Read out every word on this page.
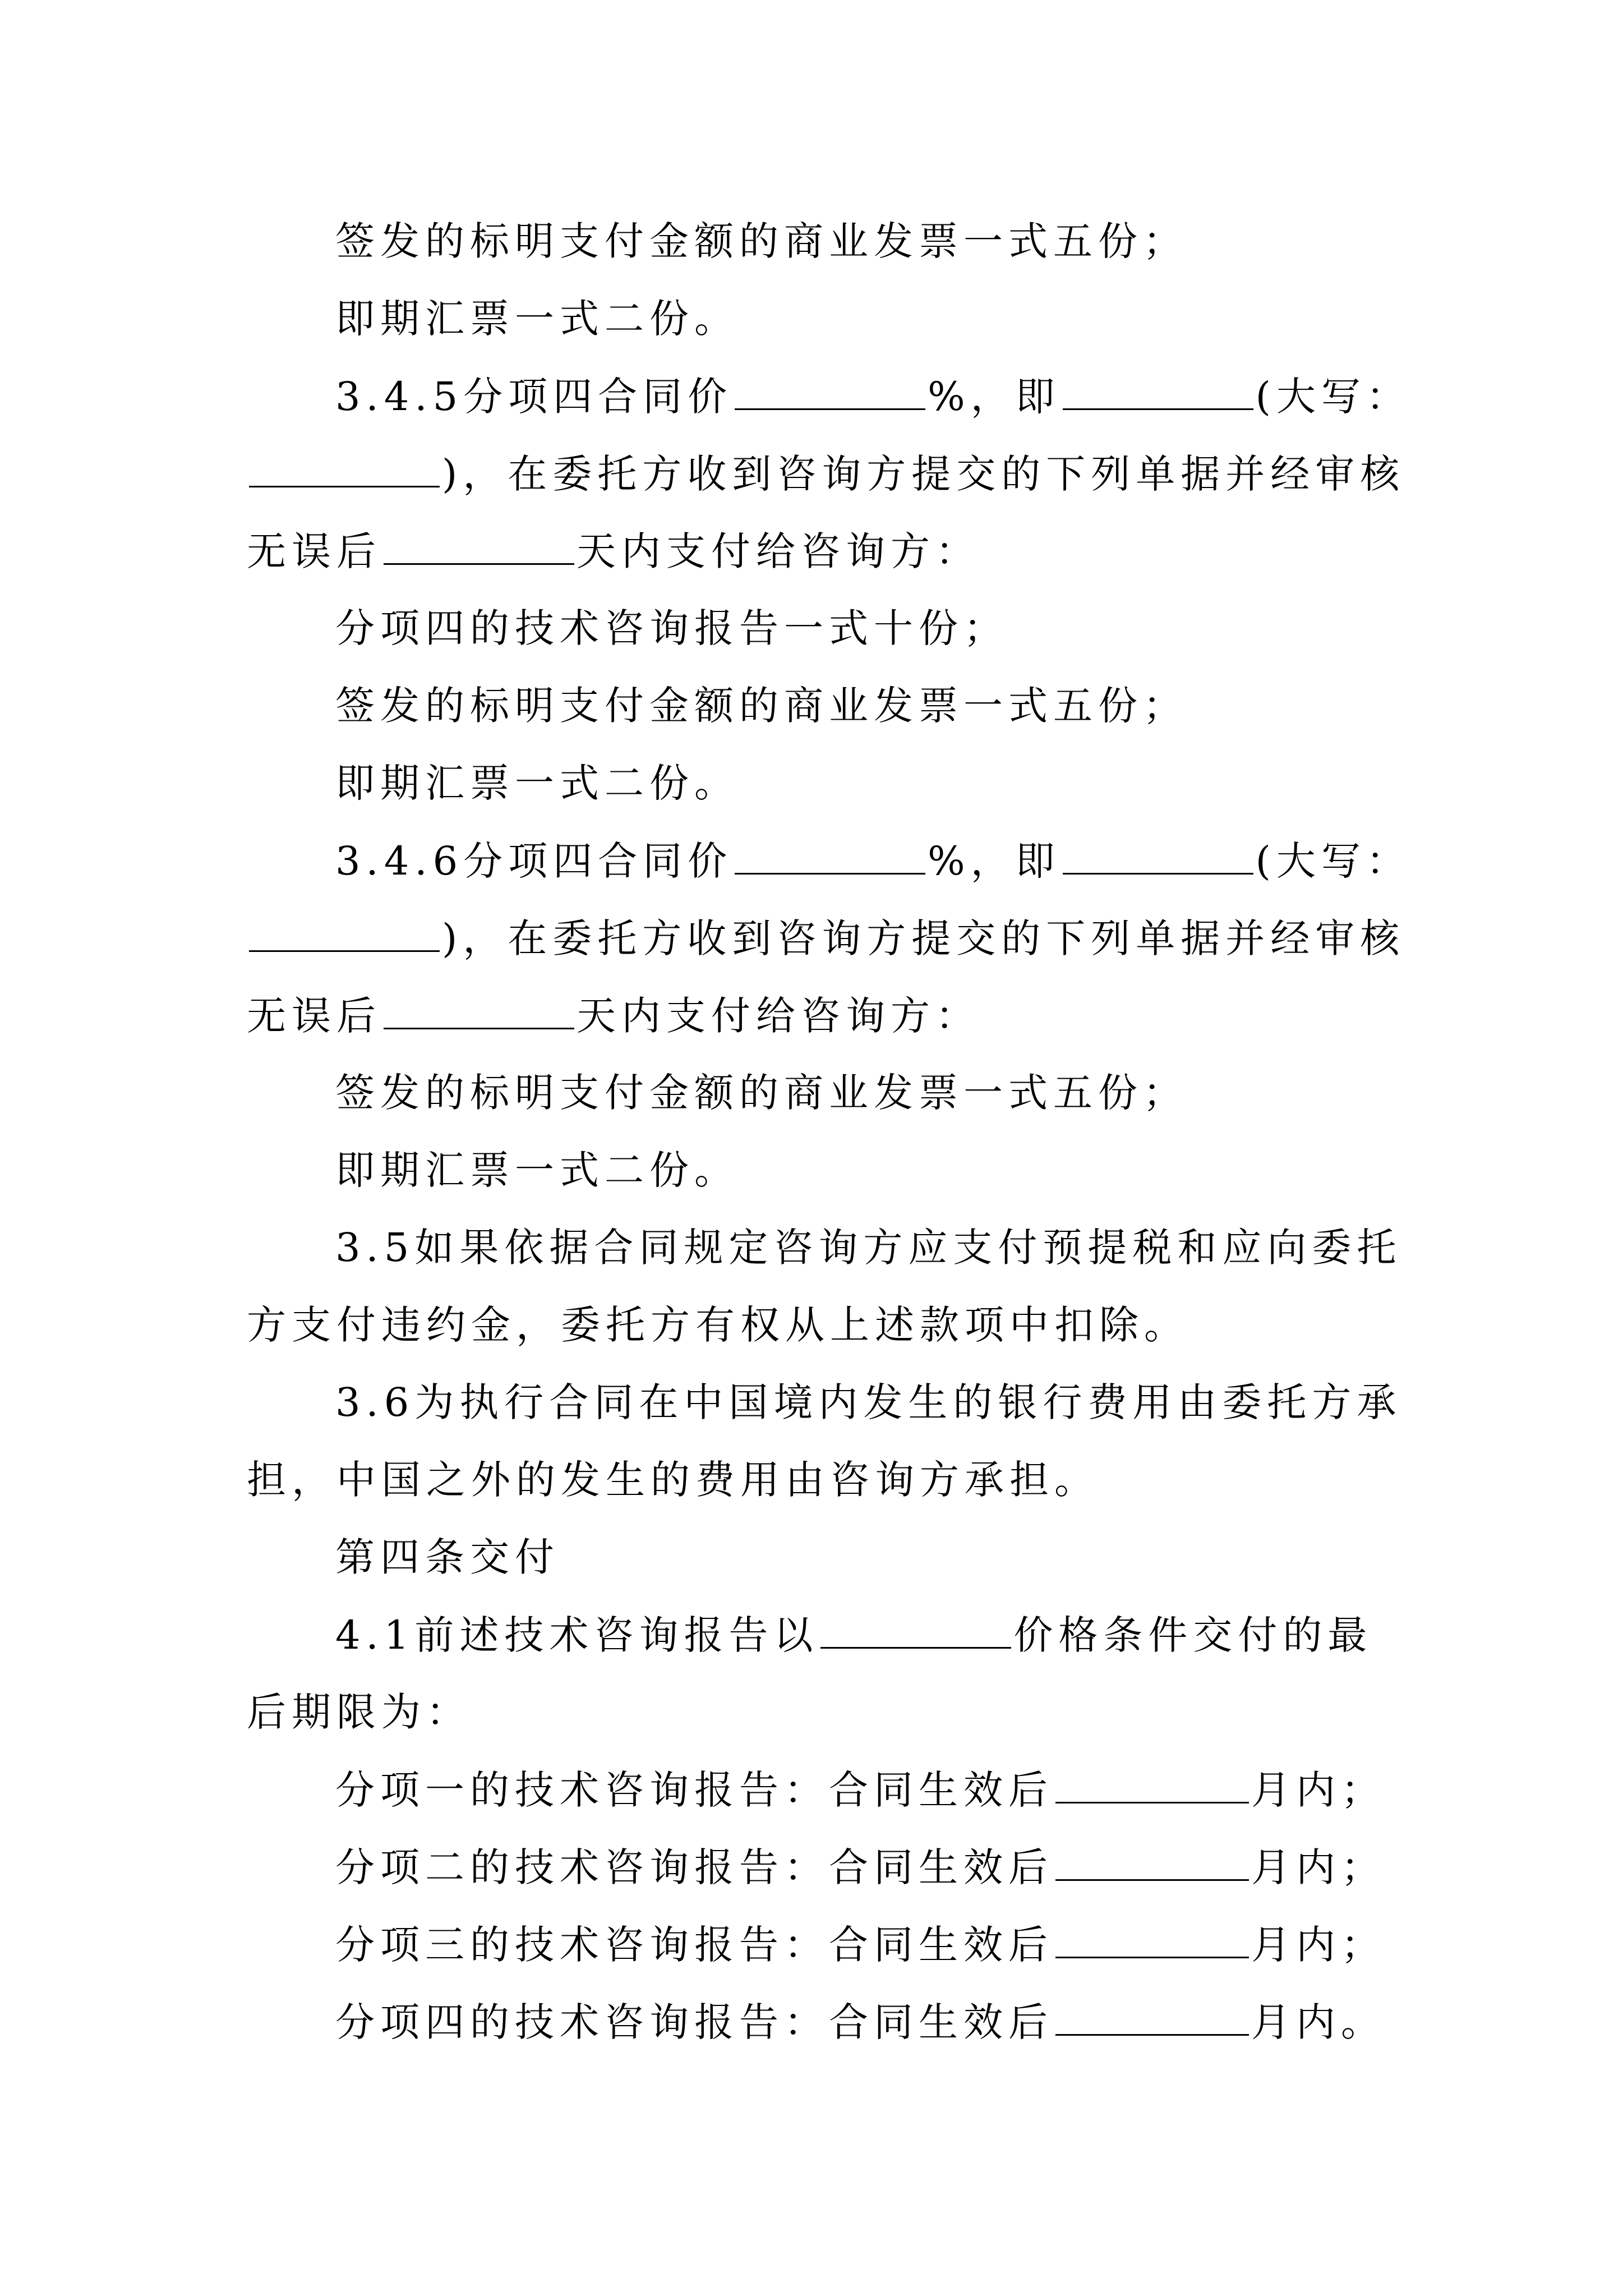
签发的标明支付金额的商业发票一式五份；
即期汇票一式二份。
3.4.5分项四合同价	%，即	(大写：
)，在委托方收到咨询方提交的下列单据并经审核
无误后	天内支付给咨询方：
分项四的技术咨询报告一式十份；
签发的标明支付金额的商业发票一式五份；
即期汇票一式二份。
3.4.6分项四合同价	%，即	(大写：
)，在委托方收到咨询方提交的下列单据并经审核
无误后	天内支付给咨询方：
签发的标明支付金额的商业发票一式五份；
即期汇票一式二份。
3.5如果依据合同规定咨询方应支付预提税和应向委托
方支付违约金，委托方有权从上述款项中扣除。
3.6为执行合同在中国境内发生的银行费用由委托方承
担，中国之外的发生的费用由咨询方承担。
第四条交付
4.1前述技术咨询报告以	价格条件交付的最
后期限为：
分项一的技术咨询报告：合同生效后	月内；
分项二的技术咨询报告：合同生效后	月内；
分项三的技术咨询报告：合同生效后	月内；
分项四的技术咨询报告：合同生效后	月内。
